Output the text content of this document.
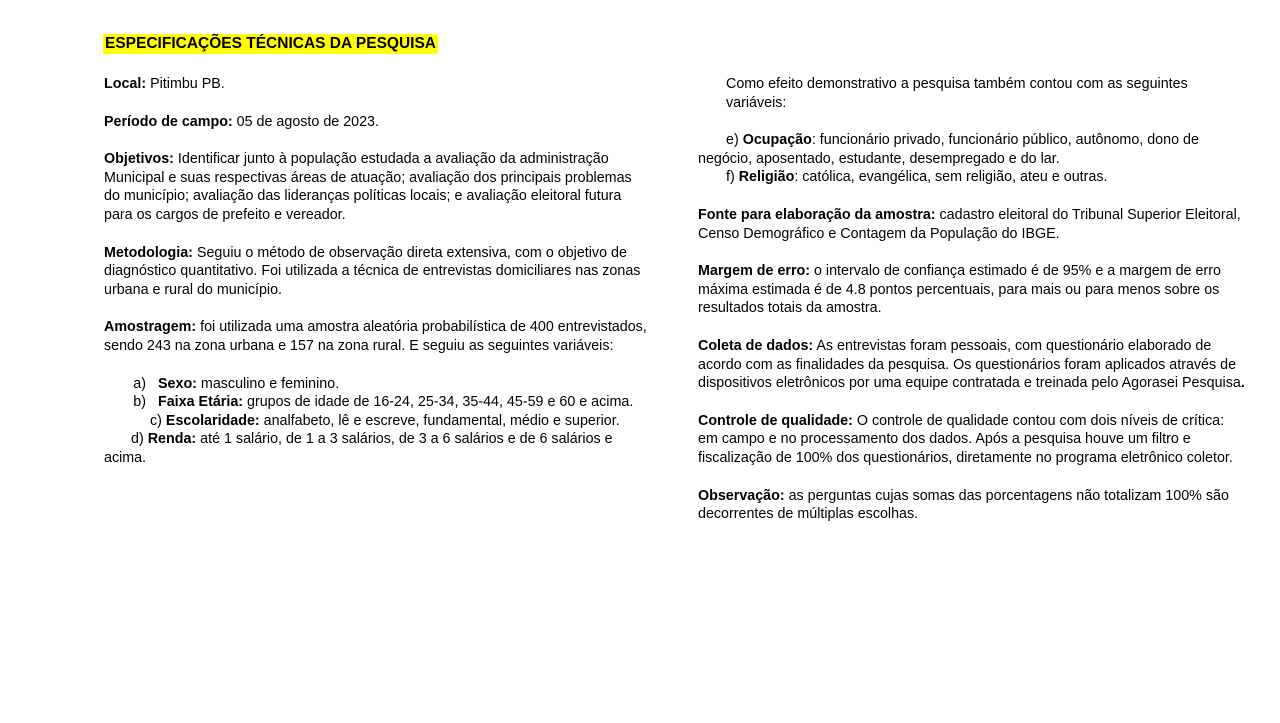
ESPECIFICAÇÕES TÉCNICAS DA PESQUISA

Local: Pitimbu PB.

Período de campo: 05 de agosto de 2023.

Objetivos: Identificar junto à população estudada a avaliação da administração Municipal e suas respectivas áreas de atuação; avaliação dos principais problemas do município; avaliação das lideranças políticas locais; e avaliação eleitoral futura para os cargos de prefeito e vereador.

Metodologia: Seguiu o método de observação direta extensiva, com o objetivo de diagnóstico quantitativo. Foi utilizada a técnica de entrevistas domiciliares nas zonas urbana e rural do município.

Amostragem: foi utilizada uma amostra aleatória probabilística de 400 entrevistados, sendo 243 na zona urbana e 157 na zona rural. E seguiu as seguintes variáveis:

a) Sexo: masculino e feminino.
b) Faixa Etária: grupos de idade de 16-24, 25-34, 35-44, 45-59 e 60 e acima.

c) Escolaridade: analfabeto, lê e escreve, fundamental, médio e superior.

d) Renda: até 1 salário, de 1 a 3 salários, de 3 a 6 salários e de 6 salários e acima.

Como efeito demonstrativo a pesquisa também contou com as seguintes variáveis:

e) Ocupação: funcionário privado, funcionário público, autônomo, dono de negócio, aposentado, estudante, desempregado e do lar.

f) Religião: católica, evangélica, sem religião, ateu e outras.

Fonte para elaboração da amostra: cadastro eleitoral do Tribunal Superior Eleitoral, Censo Demográfico e Contagem da População do IBGE.

Margem de erro: o intervalo de confiança estimado é de 95% e a margem de erro máxima estimada é de 4.8 pontos percentuais, para mais ou para menos sobre os resultados totais da amostra.

Coleta de dados: As entrevistas foram pessoais, com questionário elaborado de acordo com as finalidades da pesquisa. Os questionários foram aplicados através de dispositivos eletrônicos por uma equipe contratada e treinada pelo Agorasei Pesquisa.

Controle de qualidade: O controle de qualidade contou com dois níveis de crítica: em campo e no processamento dos dados. Após a pesquisa houve um filtro e fiscalização de 100% dos questionários, diretamente no programa eletrônico coletor.

Observação: as perguntas cujas somas das porcentagens não totalizam 100% são decorrentes de múltiplas escolhas.
